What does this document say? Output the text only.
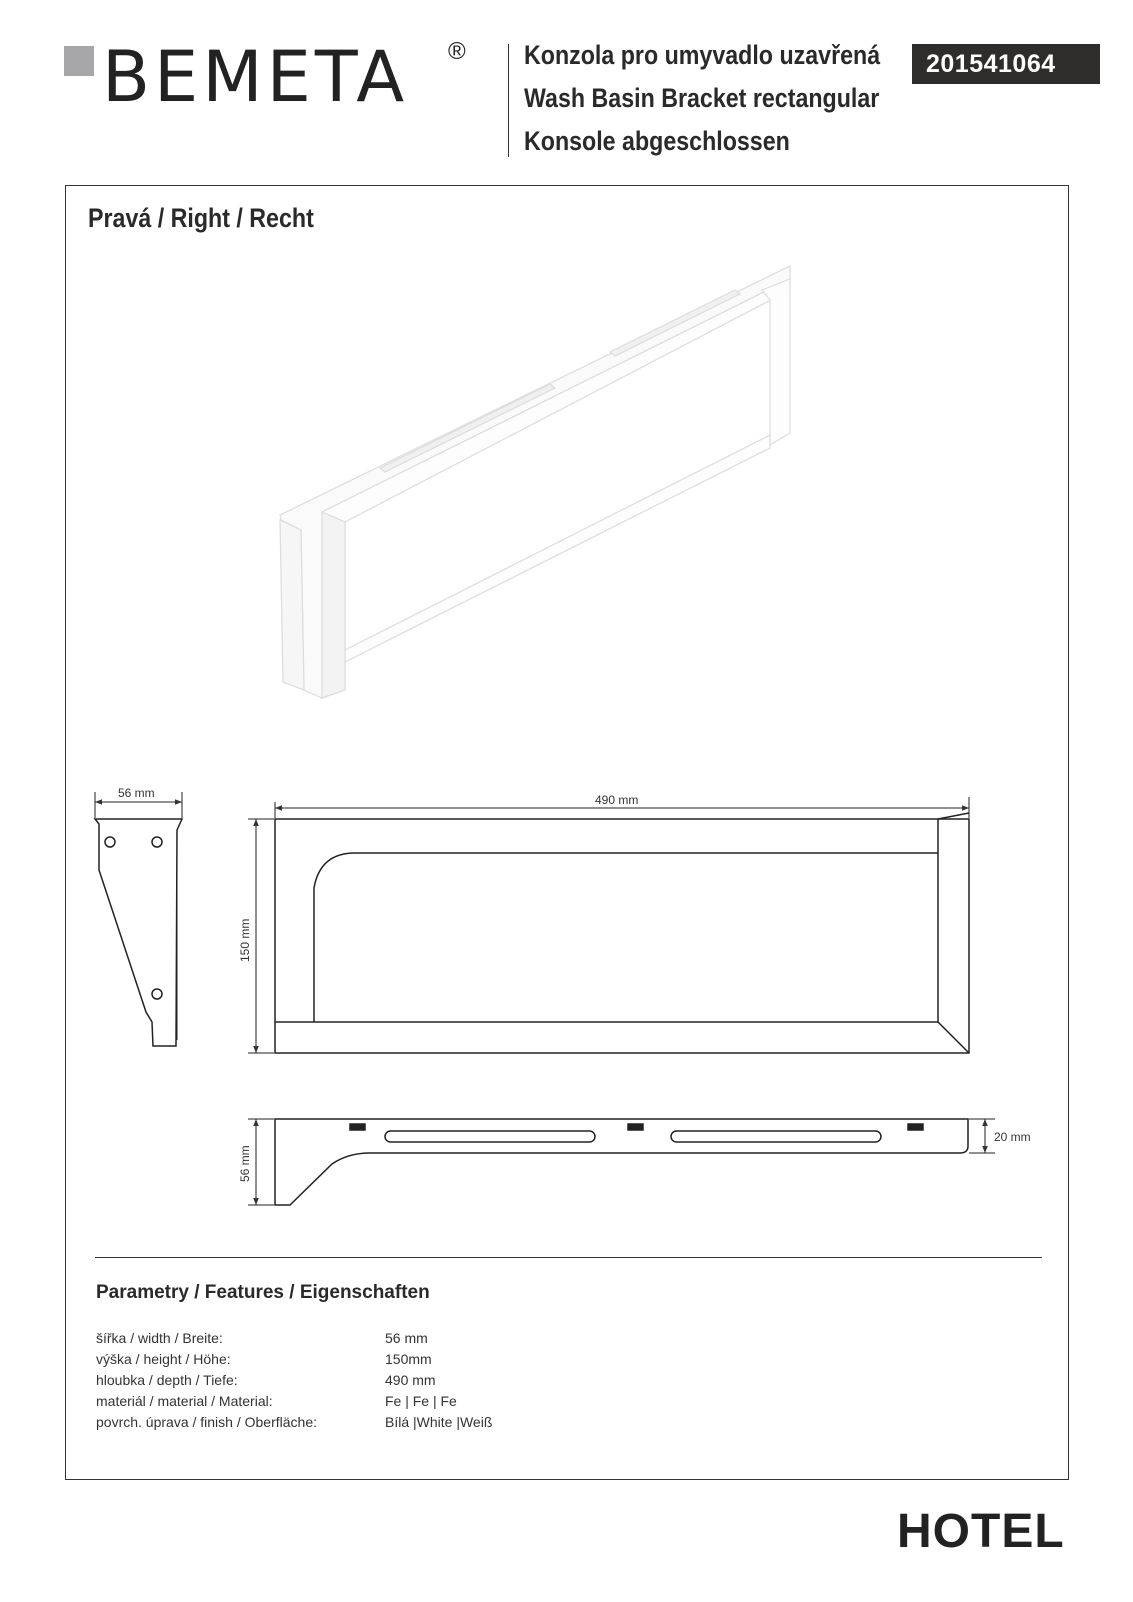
BEMETA ® Konzola pro umyvadlo uzavřená
Wash Basin Bracket rectangular
Konsole abgeschlossen
201541064
Pravá / Right / Recht
56 mm	490 mm
150 mm
56 mm
20 mm
Parametry / Features / Eigenschaften
šířka / width / Breite:	56 mm
výška / height / Höhe:	150mm
hloubka / depth / Tiefe:	490 mm
materiál / material / Material:	Fe | Fe | Fe
povrch. úprava / finish / Oberfläche:	Bílá |White |Weiß
HOTEL
